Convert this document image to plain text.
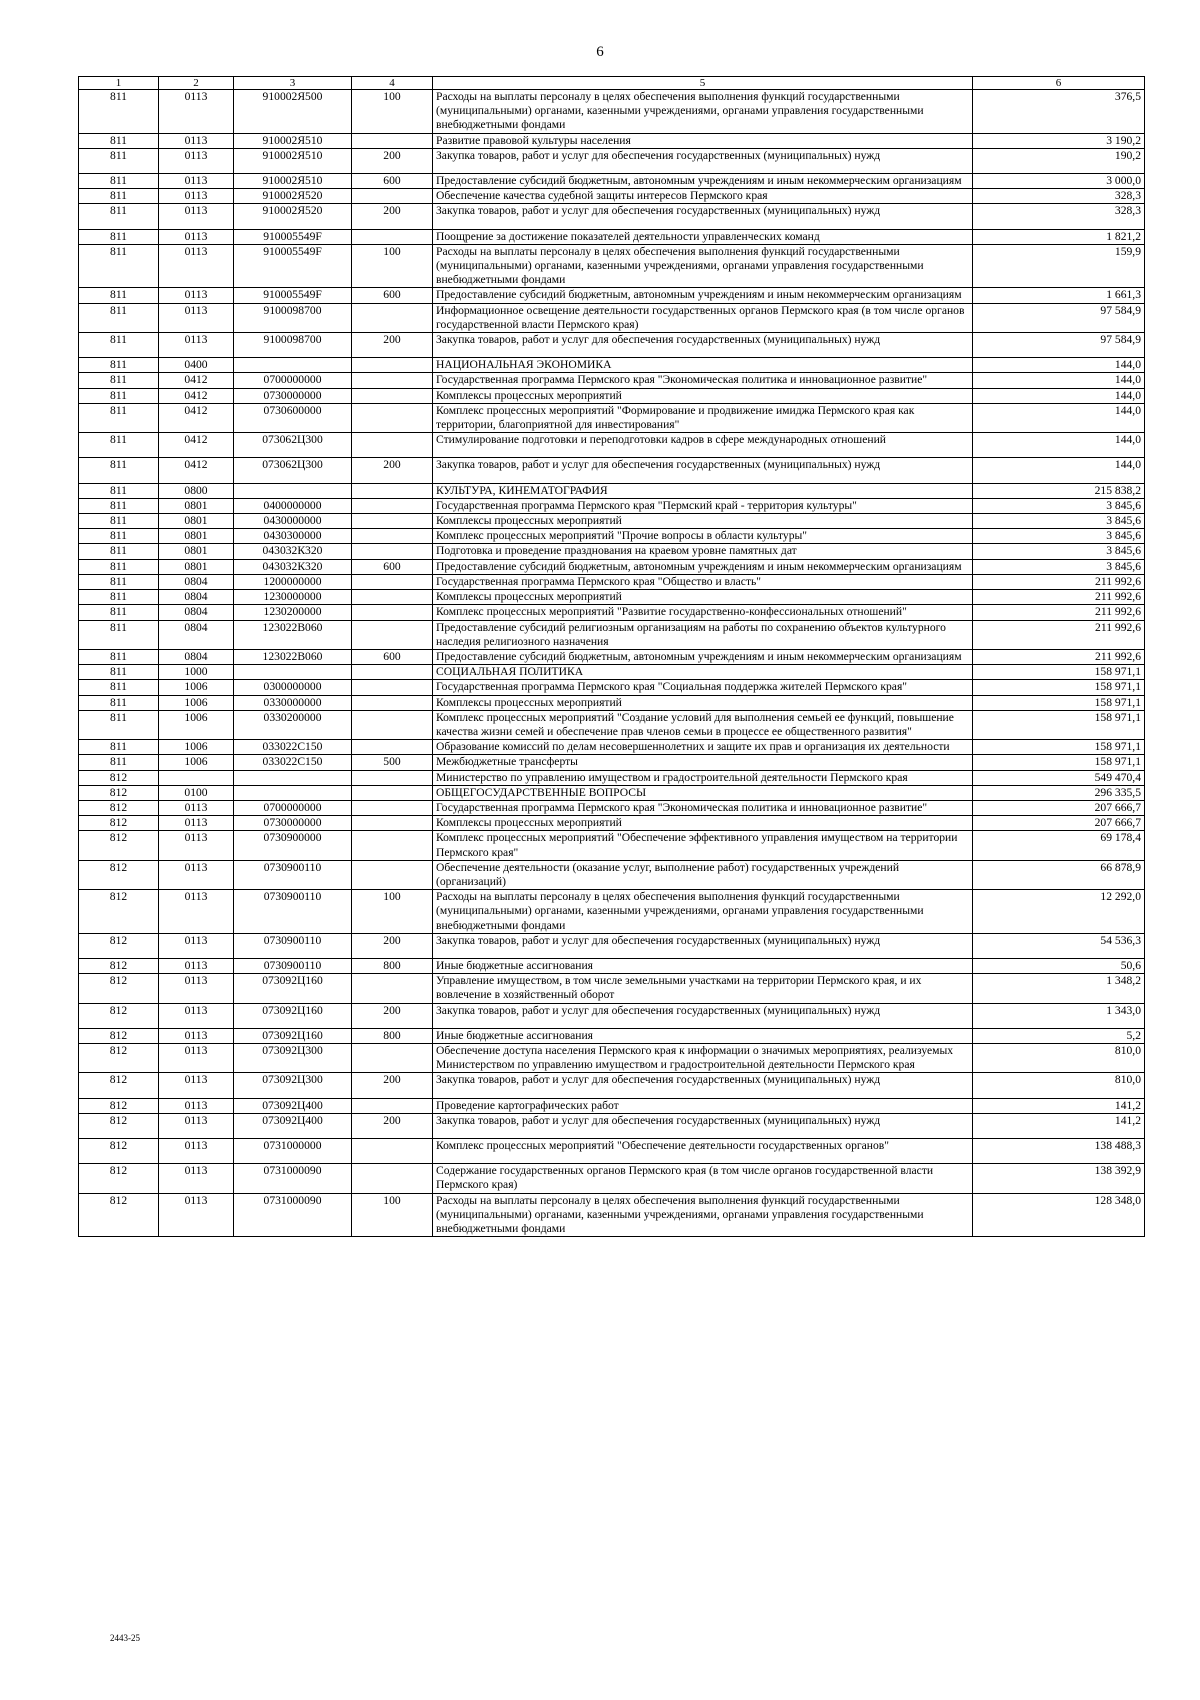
6
1	2	3	4	5	6
811	0113	910002Я500	100	Расходы на выплаты персоналу в целях обеспечения выполнения функций государственными (муниципальными) органами, казенными учреждениями, органами управления государственными внебюджетными фондами	376,5
811	0113	910002Я510		Развитие правовой культуры населения	3 190,2
811	0113	910002Я510	200	Закупка товаров, работ и услуг для обеспечения государственных (муниципальных) нужд	190,2
811	0113	910002Я510	600	Предоставление субсидий бюджетным, автономным учреждениям и иным некоммерческим организациям	3 000,0
811	0113	910002Я520		Обеспечение качества судебной защиты интересов Пермского края	328,3
811	0113	910002Я520	200	Закупка товаров, работ и услуг для обеспечения государственных (муниципальных) нужд	328,3
811	0113	910005549F		Поощрение за достижение показателей деятельности управленческих команд	1 821,2
811	0113	910005549F	100	Расходы на выплаты персоналу в целях обеспечения выполнения функций государственными (муниципальными) органами, казенными учреждениями, органами управления государственными внебюджетными фондами	159,9
811	0113	910005549F	600	Предоставление субсидий бюджетным, автономным учреждениям и иным некоммерческим организациям	1 661,3
811	0113	9100098700		Информационное освещение деятельности государственных органов Пермского края (в том числе органов государственной власти Пермского края)	97 584,9
811	0113	9100098700	200	Закупка товаров, работ и услуг для обеспечения государственных (муниципальных) нужд	97 584,9
811	0400			НАЦИОНАЛЬНАЯ ЭКОНОМИКА	144,0
811	0412	0700000000		Государственная программа Пермского края "Экономическая политика и инновационное развитие"	144,0
811	0412	0730000000		Комплексы процессных мероприятий	144,0
811	0412	0730600000		Комплекс процессных мероприятий "Формирование и продвижение имиджа Пермского края как территории, благоприятной для инвестирования"	144,0
811	0412	073062Ц300		Стимулирование подготовки и переподготовки кадров в сфере международных отношений	144,0
811	0412	073062Ц300	200	Закупка товаров, работ и услуг для обеспечения государственных (муниципальных) нужд	144,0
811	0800			КУЛЬТУРА, КИНЕМАТОГРАФИЯ	215 838,2
811	0801	0400000000		Государственная программа Пермского края "Пермский край - территория культуры"	3 845,6
811	0801	0430000000		Комплексы процессных мероприятий	3 845,6
811	0801	0430300000		Комплекс процессных мероприятий "Прочие вопросы в области культуры"	3 845,6
811	0801	043032К320		Подготовка и проведение празднования на краевом уровне памятных дат	3 845,6
811	0801	043032К320	600	Предоставление субсидий бюджетным, автономным учреждениям и иным некоммерческим организациям	3 845,6
811	0804	1200000000		Государственная программа Пермского края "Общество и власть"	211 992,6
811	0804	1230000000		Комплексы процессных мероприятий	211 992,6
811	0804	1230200000		Комплекс процессных мероприятий "Развитие государственно-конфессиональных отношений"	211 992,6
811	0804	123022В060		Предоставление субсидий религиозным организациям на работы по сохранению объектов культурного наследия религиозного назначения	211 992,6
811	0804	123022В060	600	Предоставление субсидий бюджетным, автономным учреждениям и иным некоммерческим организациям	211 992,6
811	1000			СОЦИАЛЬНАЯ ПОЛИТИКА	158 971,1
811	1006	0300000000		Государственная программа Пермского края "Социальная поддержка жителей Пермского края"	158 971,1
811	1006	0330000000		Комплексы процессных мероприятий	158 971,1
811	1006	0330200000		Комплекс процессных мероприятий "Создание условий для выполнения семьей ее функций, повышение качества жизни семей и обеспечение прав членов семьи в процессе ее общественного развития"	158 971,1
811	1006	033022С150		Образование комиссий по делам несовершеннолетних и защите их прав и организация их деятельности	158 971,1
811	1006	033022С150	500	Межбюджетные трансферты	158 971,1
812				Министерство по управлению имуществом и градостроительной деятельности Пермского края	549 470,4
812	0100			ОБЩЕГОСУДАРСТВЕННЫЕ ВОПРОСЫ	296 335,5
812	0113	0700000000		Государственная программа Пермского края "Экономическая политика и инновационное развитие"	207 666,7
812	0113	0730000000		Комплексы процессных мероприятий	207 666,7
812	0113	0730900000		Комплекс процессных мероприятий "Обеспечение эффективного управления имуществом на территории Пермского края"	69 178,4
812	0113	0730900110		Обеспечение деятельности (оказание услуг, выполнение работ) государственных учреждений (организаций)	66 878,9
812	0113	0730900110	100	Расходы на выплаты персоналу в целях обеспечения выполнения функций государственными (муниципальными) органами, казенными учреждениями, органами управления государственными внебюджетными фондами	12 292,0
812	0113	0730900110	200	Закупка товаров, работ и услуг для обеспечения государственных (муниципальных) нужд	54 536,3
812	0113	0730900110	800	Иные бюджетные ассигнования	50,6
812	0113	073092Ц160		Управление имуществом, в том числе земельными участками на территории Пермского края, и их вовлечение в хозяйственный оборот	1 348,2
812	0113	073092Ц160	200	Закупка товаров, работ и услуг для обеспечения государственных (муниципальных) нужд	1 343,0
812	0113	073092Ц160	800	Иные бюджетные ассигнования	5,2
812	0113	073092Ц300		Обеспечение доступа населения Пермского края к информации о значимых мероприятиях, реализуемых Министерством по управлению имуществом и градостроительной деятельности Пермского края	810,0
812	0113	073092Ц300	200	Закупка товаров, работ и услуг для обеспечения государственных (муниципальных) нужд	810,0
812	0113	073092Ц400		Проведение картографических работ	141,2
812	0113	073092Ц400	200	Закупка товаров, работ и услуг для обеспечения государственных (муниципальных) нужд	141,2
812	0113	0731000000		Комплекс процессных мероприятий "Обеспечение деятельности государственных органов"	138 488,3
812	0113	0731000090		Содержание государственных органов Пермского края (в том числе органов государственной власти Пермского края)	138 392,9
812	0113	0731000090	100	Расходы на выплаты персоналу в целях обеспечения выполнения функций государственными (муниципальными) органами, казенными учреждениями, органами управления государственными внебюджетными фондами	128 348,0
2443-25
